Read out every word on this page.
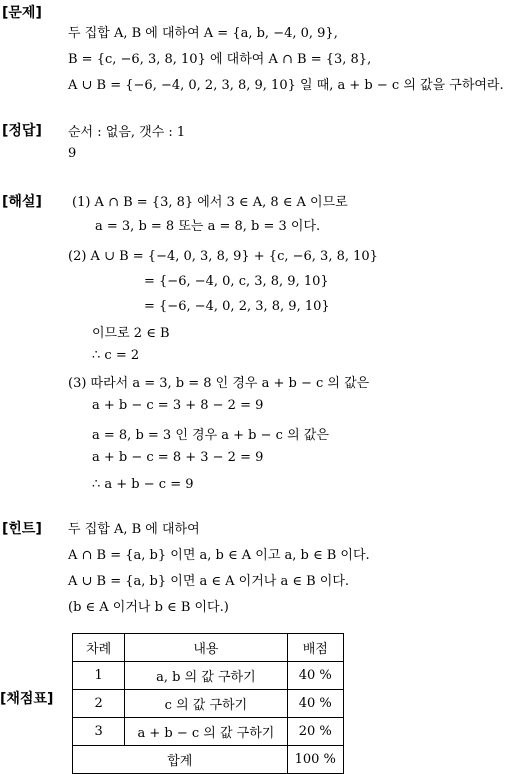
[문제]
두 집합 A, B 에 대하여 A = {a, b, −4, 0, 9},
B = {c, −6, 3, 8, 10} 에 대하여 A ∩ B = {3, 8},
A ∪ B = {−6, −4, 0, 2, 3, 8, 9, 10} 일 때, a + b − c 의 값을 구하여라.
[정답] 순서 : 없음, 갯수 : 1
9
[해설] (1) A ∩ B = {3, 8} 에서 3 ∈ A, 8 ∈ A 이므로
a = 3, b = 8 또는 a = 8, b = 3 이다.
(2) A ∪ B = {−4, 0, 3, 8, 9} + {c, −6, 3, 8, 10}
= {−6, −4, 0, c, 3, 8, 9, 10}
= {−6, −4, 0, 2, 3, 8, 9, 10}
이므로 2 ∈ B
∴ c = 2
(3) 따라서 a = 3, b = 8 인 경우 a + b − c 의 값은
a + b − c = 3 + 8 − 2 = 9
a = 8, b = 3 인 경우 a + b − c 의 값은
a + b − c = 8 + 3 − 2 = 9
∴ a + b − c = 9
[힌트] 두 집합 A, B 에 대하여
A ∩ B = {a, b} 이면 a, b ∈ A 이고 a, b ∈ B 이다.
A ∪ B = {a, b} 이면 a ∈ A 이거나 a ∈ B 이다.
(b ∈ A 이거나 b ∈ B 이다.)
[채점표]
차례	내용	배점
1	a, b 의 값 구하기	40 %
2	c 의 값 구하기	40 %
3	a + b − c 의 값 구하기	20 %
합계		100 %
